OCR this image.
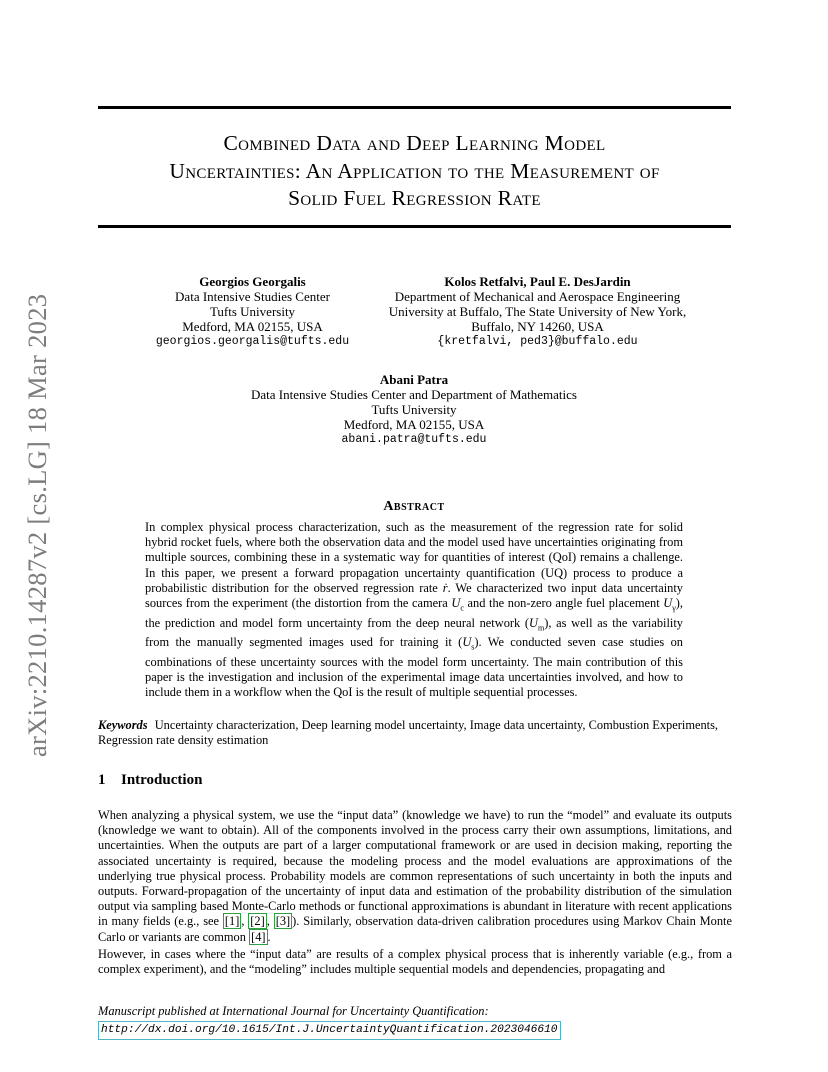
arXiv:2210.14287v2 [cs.LG] 18 Mar 2023
Combined Data and Deep Learning Model
Uncertainties: An Application to the Measurement of
Solid Fuel Regression Rate
Georgios Georgalis
Data Intensive Studies Center
Tufts University
Medford, MA 02155, USA
georgios.georgalis@tufts.edu
Kolos Retfalvi, Paul E. DesJardin
Department of Mechanical and Aerospace Engineering
University at Buffalo, The State University of New York,
Buffalo, NY 14260, USA
{kretfalvi, ped3}@buffalo.edu
Abani Patra
Data Intensive Studies Center and Department of Mathematics
Tufts University
Medford, MA 02155, USA
abani.patra@tufts.edu
Abstract
In complex physical process characterization, such as the measurement of the regression rate for solid hybrid rocket fuels, where both the observation data and the model used have uncertainties originating from multiple sources, combining these in a systematic way for quantities of interest (QoI) remains a challenge. In this paper, we present a forward propagation uncertainty quantification (UQ) process to produce a probabilistic distribution for the observed regression rate ṙ. We characterized two input data uncertainty sources from the experiment (the distortion from the camera $U_c$ and the non-zero angle fuel placement $U_\gamma$), the prediction and model form uncertainty from the deep neural network $(U_m)$, as well as the variability from the manually segmented images used for training it $(U_s)$. We conducted seven case studies on combinations of these uncertainty sources with the model form uncertainty. The main contribution of this paper is the investigation and inclusion of the experimental image data uncertainties involved, and how to include them in a workflow when the QoI is the result of multiple sequential processes.
Keywords Uncertainty characterization, Deep learning model uncertainty, Image data uncertainty, Combustion Experiments, Regression rate density estimation
1 Introduction
When analyzing a physical system, we use the “input data” (knowledge we have) to run the “model” and evaluate its outputs (knowledge we want to obtain). All of the components involved in the process carry their own assumptions, limitations, and uncertainties. When the outputs are part of a larger computational framework or are used in decision making, reporting the associated uncertainty is required, because the modeling process and the model evaluations are approximations of the underlying true physical process. Probability models are common representations of such uncertainty in both the inputs and outputs. Forward-propagation of the uncertainty of input data and estimation of the probability distribution of the simulation output via sampling based Monte-Carlo methods or functional approximations is abundant in literature with recent applications in many fields (e.g., see [1] , [2] , [3] ). Similarly, observation data-driven calibration procedures using Markov Chain Monte Carlo or variants are common [4] .
However, in cases where the “input data” are results of a complex physical process that is inherently variable (e.g., from a complex experiment), and the “modeling” includes multiple sequential models and dependencies, propagating and
Manuscript published at International Journal for Uncertainty Quantification:
http://dx.doi.org/10.1615/Int.J.UncertaintyQuantification.2023046610
